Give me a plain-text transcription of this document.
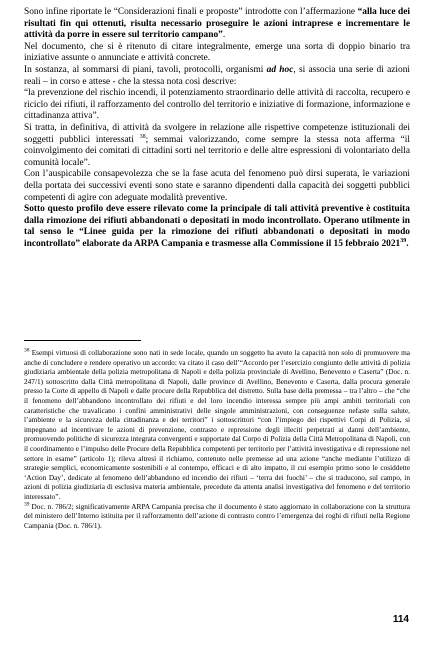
Sono infine riportate le “Considerazioni finali e proposte” introdotte con l’affermazione “alla luce dei risultati fin qui ottenuti, risulta necessario proseguire le azioni intraprese e incrementare le attività da porre in essere sul territorio campano”.

Nel documento, che si è ritenuto di citare integralmente, emerge una sorta di doppio binario tra iniziative assunte o annunciate e attività concrete.

In sostanza, al sommarsi di piani, tavoli, protocolli, organismi ad hoc, si associa una serie di azioni reali – in corso e attese - che la stessa nota così descrive:

“la prevenzione del rischio incendi, il potenziamento straordinario delle attività di raccolta, recupero e riciclo dei rifiuti, il rafforzamento del controllo del territorio e iniziative di formazione, informazione e cittadinanza attiva”.

Si tratta, in definitiva, di attività da svolgere in relazione alle rispettive competenze istituzionali dei soggetti pubblici interessati $^{38}$; semmai valorizzando, come sempre la stessa nota afferma “il coinvolgimento dei comitati di cittadini sorti nel territorio e delle altre espressioni di volontariato della comunità locale”.

Con l’auspicabile consapevolezza che se la fase acuta del fenomeno può dirsi superata, le variazioni della portata dei successivi eventi sono state e saranno dipendenti dalla capacità dei soggetti pubblici competenti di agire con adeguate modalità preventive.

Sotto questo profilo deve essere rilevato come la principale di tali attività preventive è costituita dalla rimozione dei rifiuti abbandonati o depositati in modo incontrollato. Operano utilmente in tal senso le “Linee guida per la rimozione dei rifiuti abbandonati o depositati in modo incontrollato” elaborate da ARPA Campania e trasmesse alla Commissione il 15 febbraio 2021$^{39}$.

$^{38}$ Esempi virtuosi di collaborazione sono nati in sede locale, quando un soggetto ha avuto la capacità non solo di promuovere ma anche di concludere e rendere operativo un accordo: va citato il caso dell’“Accordo per l’esercizio congiunto delle attività di polizia giudiziaria ambientale della polizia metropolitana di Napoli e della polizia provinciale di Avellino, Benevento e Caserta” (Doc. n. 247/1) sottoscritto dalla Città metropolitana di Napoli, dalle province di Avellino, Benevento e Caserta, dalla procura generale presso la Corte di appello di Napoli e dalle procure della Repubblica del distretto. Sulla base della premessa – tra l’altro – che “che il fenomeno dell’abbandono incontrollato dei rifiuti e del loro incendio interessa sempre più ampi ambiti territoriali con caratteristiche che travalicano i confini amministrativi delle singole amministrazioni, con conseguenze nefaste sulla salute, l’ambiente e la sicurezza della cittadinanza e dei territori” i sottoscrittori “con l’impiego dei rispettivi Corpi di Polizia, si impegnano ad incentivare le azioni di prevenzione, contrasto e repressione degli illeciti perpetrati ai danni dell’ambiente, promuovendo politiche di sicurezza integrata convergenti e supportate dal Corpo di Polizia della Città Metropolitana di Napoli, con il coordinamento e l’impulso delle Procure della Repubblica competenti per territorio per l’attività investigativa e di repressione nel settore in esame” (articolo 1); rileva altresì il richiamo, contenuto nelle premesse ad una azione “anche mediante l’utilizzo di strategie semplici, economicamente sostenibili e al contempo, efficaci e di alto impatto, il cui esempio primo sono le cosiddette ‘Action Day’, dedicate al fenomeno dell’abbandono ed incendio dei rifiuti – ‘terra dei fuochi’ – che si traducono, sul campo, in azioni di polizia giudiziaria di esclusiva materia ambientale, precedute da attenta analisi investigativa del fenomeno e del territorio interessato”.

$^{39}$ Doc. n. 786/2; significativamente ARPA Campania precisa che il documento è stato aggiornato in collaborazione con la struttura del ministero dell’Interno istituita per il rafforzamento dell’azione di contrasto contro l’emergenza dei roghi di rifiuti nella Regione Campania (Doc. n. 786/1).

114
